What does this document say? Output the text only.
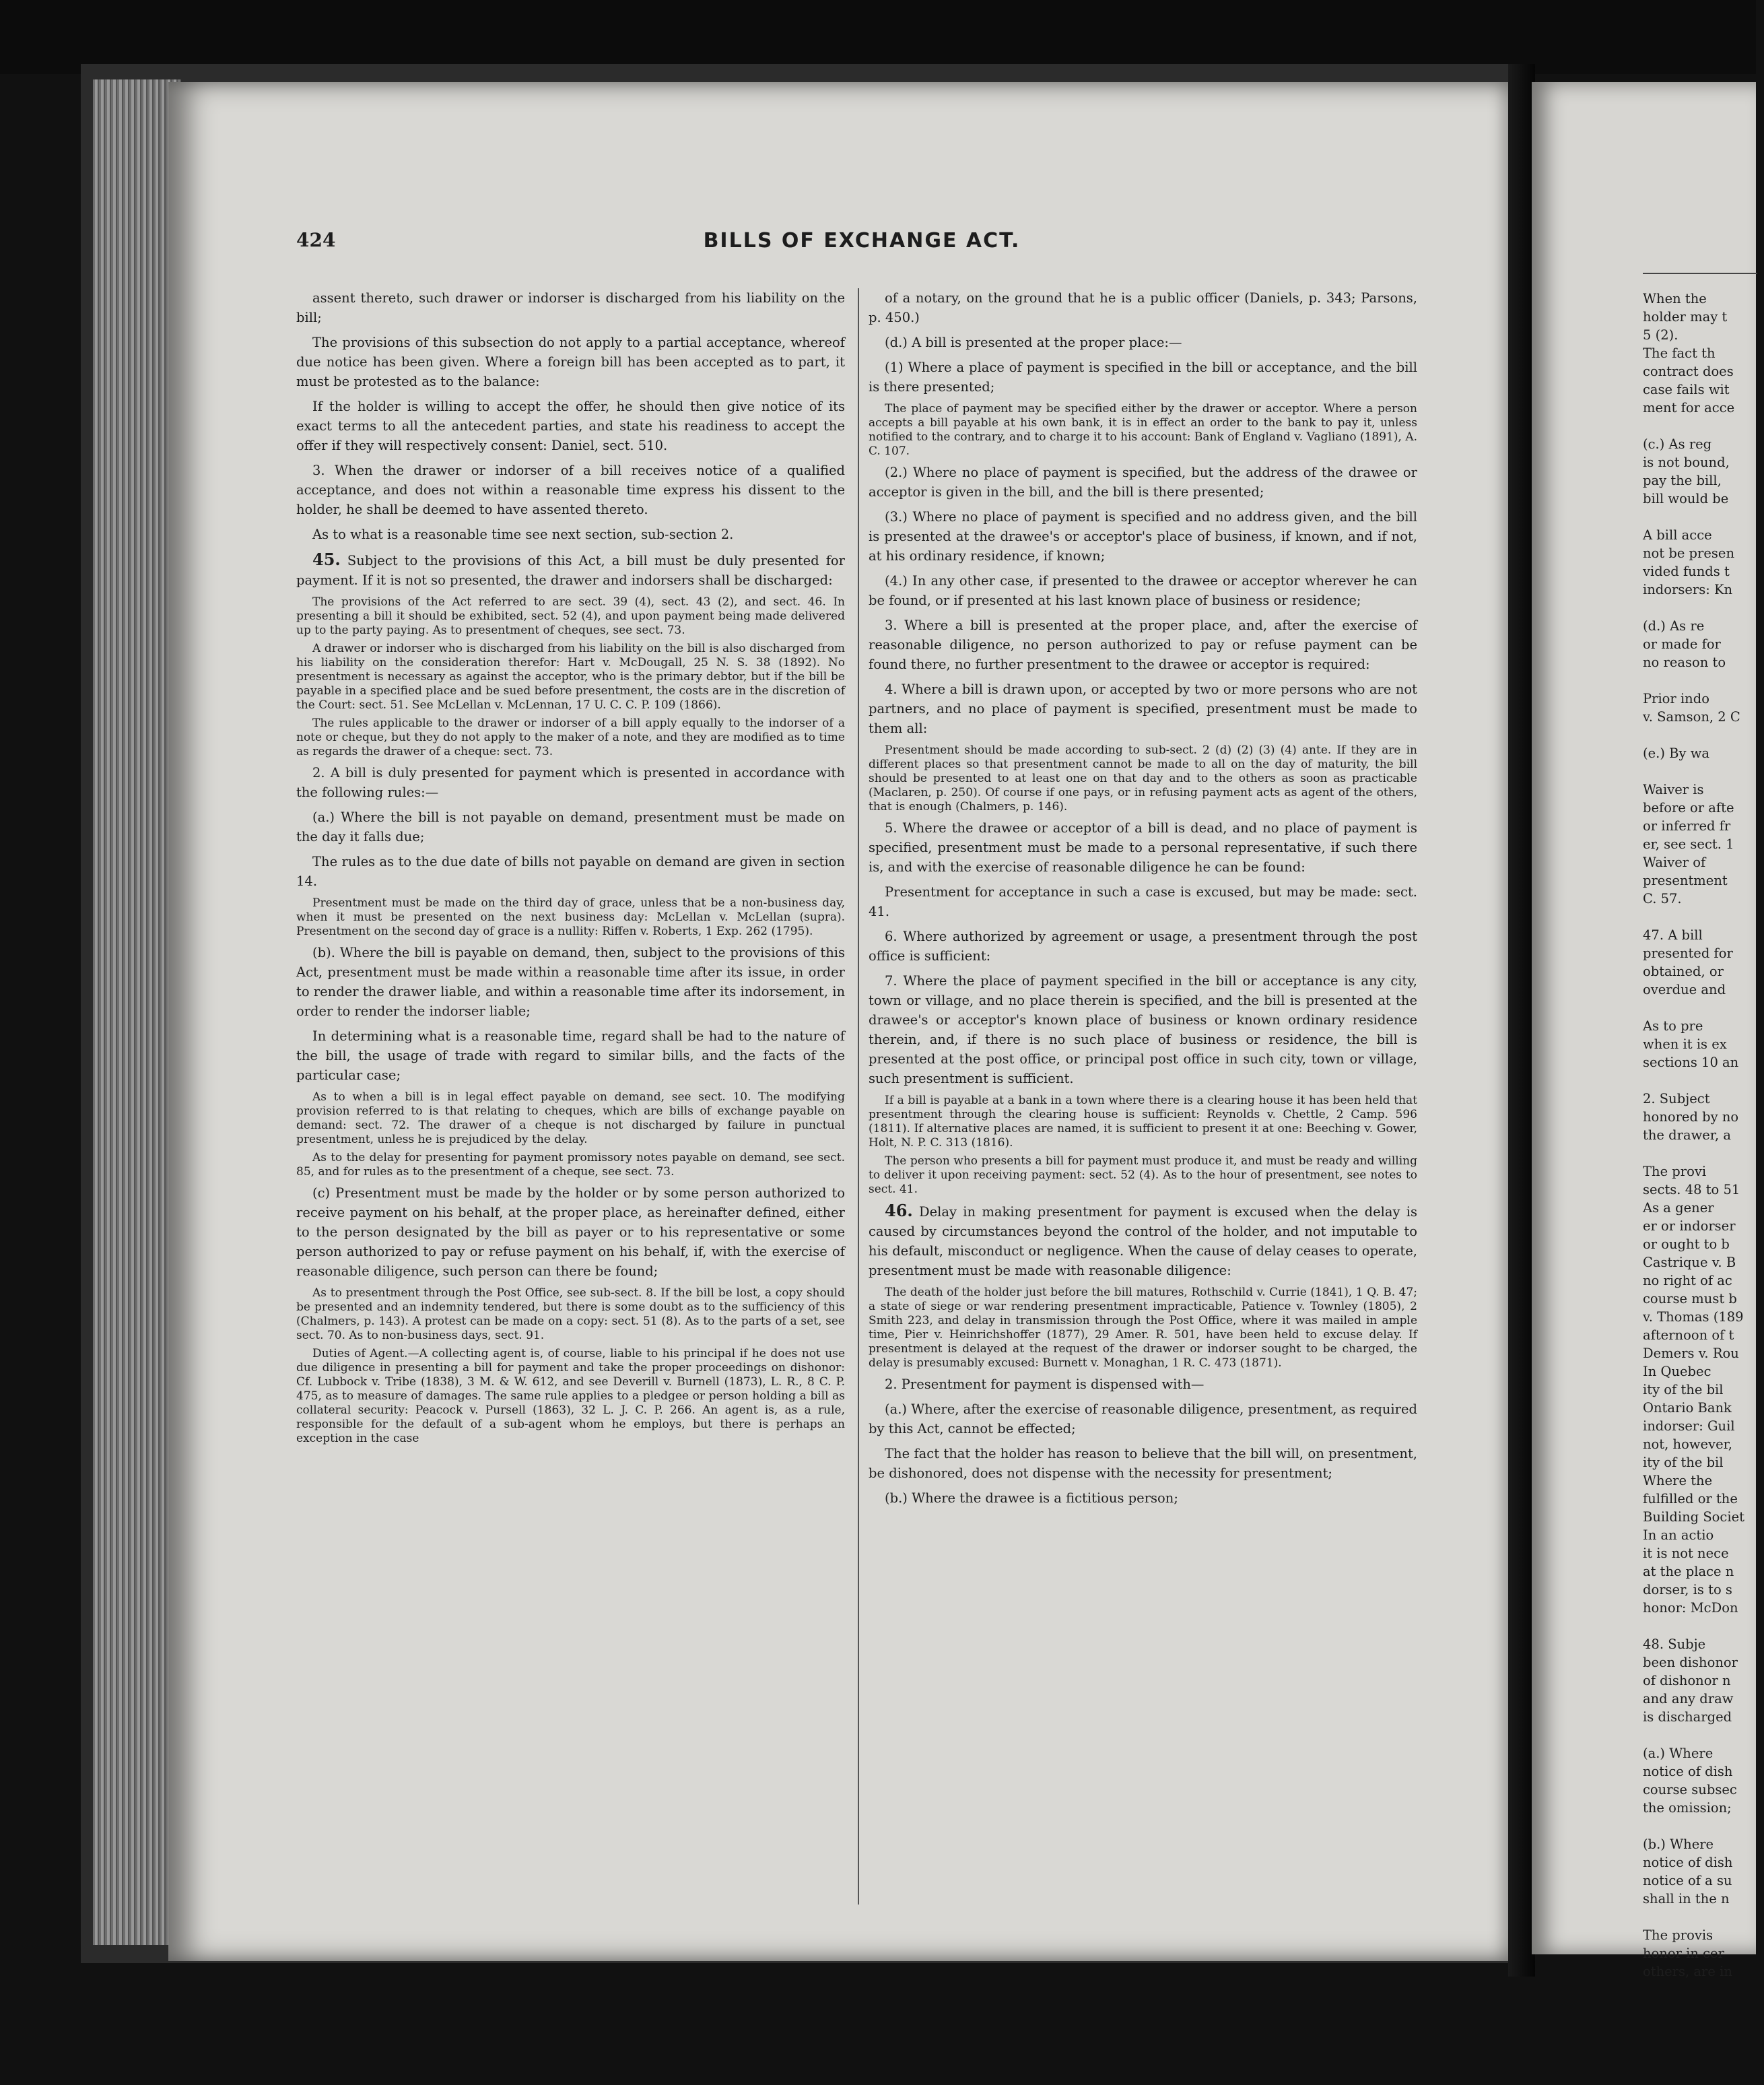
424	BILLS OF EXCHANGE ACT.

assent thereto, such drawer or indorser is discharged from his liability on the bill;

The provisions of this subsection do not apply to a partial acceptance, whereof due notice has been given. Where a foreign bill has been accepted as to part, it must be protested as to the balance:

If the holder is willing to accept the offer, he should then give notice of its exact terms to all the antecedent parties, and state his readiness to accept the offer if they will respectively consent: Daniel, sect. 510.

3. When the drawer or indorser of a bill receives notice of a qualified acceptance, and does not within a reasonable time express his dissent to the holder, he shall be deemed to have assented thereto.

As to what is a reasonable time see next section, sub-section 2.

45. Subject to the provisions of this Act, a bill must be duly presented for payment. If it is not so presented, the drawer and indorsers shall be discharged:

The provisions of the Act referred to are sect. 39 (4), sect. 43 (2), and sect. 46. In presenting a bill it should be exhibited, sect. 52 (4), and upon payment being made delivered up to the party paying. As to presentment of cheques, see sect. 73.

A drawer or indorser who is discharged from his liability on the bill is also discharged from his liability on the consideration therefor: Hart v. McDougall, 25 N. S. 38 (1892). No presentment is necessary as against the acceptor, who is the primary debtor, but if the bill be payable in a specified place and be sued before presentment, the costs are in the discretion of the Court: sect. 51. See McLellan v. McLennan, 17 U. C. C. P. 109 (1866).

The rules applicable to the drawer or indorser of a bill apply equally to the indorser of a note or cheque, but they do not apply to the maker of a note, and they are modified as to time as regards the drawer of a cheque: sect. 73.

2. A bill is duly presented for payment which is presented in accordance with the following rules:—

(a.) Where the bill is not payable on demand, presentment must be made on the day it falls due;

The rules as to the due date of bills not payable on demand are given in section 14.

Presentment must be made on the third day of grace, unless that be a non-business day, when it must be presented on the next business day: McLellan v. McLellan (supra). Presentment on the second day of grace is a nullity: Riffen v. Roberts, 1 Exp. 262 (1795).

(b). Where the bill is payable on demand, then, subject to the provisions of this Act, presentment must be made within a reasonable time after its issue, in order to render the drawer liable, and within a reasonable time after its indorsement, in order to render the indorser liable;

In determining what is a reasonable time, regard shall be had to the nature of the bill, the usage of trade with regard to similar bills, and the facts of the particular case;

As to when a bill is in legal effect payable on demand, see sect. 10. The modifying provision referred to is that relating to cheques, which are bills of exchange payable on demand: sect. 72. The drawer of a cheque is not discharged by failure in punctual presentment, unless he is prejudiced by the delay.

As to the delay for presenting for payment promissory notes payable on demand, see sect. 85, and for rules as to the presentment of a cheque, see sect. 73.

(c) Presentment must be made by the holder or by some person authorized to receive payment on his behalf, at the proper place, as hereinafter defined, either to the person designated by the bill as payer or to his representative or some person authorized to pay or refuse payment on his behalf, if, with the exercise of reasonable diligence, such person can there be found;

As to presentment through the Post Office, see sub-sect. 8. If the bill be lost, a copy should be presented and an indemnity tendered, but there is some doubt as to the sufficiency of this (Chalmers, p. 143). A protest can be made on a copy: sect. 51 (8). As to the parts of a set, see sect. 70. As to non-business days, sect. 91.

Duties of Agent.—A collecting agent is, of course, liable to his principal if he does not use due diligence in presenting a bill for payment and take the proper proceedings on dishonor: Cf. Lubbock v. Tribe (1838), 3 M. & W. 612, and see Deverill v. Burnell (1873), L. R., 8 C. P. 475, as to measure of damages. The same rule applies to a pledgee or person holding a bill as collateral security: Peacock v. Pursell (1863), 32 L. J. C. P. 266. An agent is, as a rule, responsible for the default of a sub-agent whom he employs, but there is perhaps an exception in the case

of a notary, on the ground that he is a public officer (Daniels, p. 343; Parsons, p. 450.)

(d.) A bill is presented at the proper place:—

(1) Where a place of payment is specified in the bill or acceptance, and the bill is there presented;

The place of payment may be specified either by the drawer or acceptor. Where a person accepts a bill payable at his own bank, it is in effect an order to the bank to pay it, unless notified to the contrary, and to charge it to his account: Bank of England v. Vagliano (1891), A. C. 107.

(2.) Where no place of payment is specified, but the address of the drawee or acceptor is given in the bill, and the bill is there presented;

(3.) Where no place of payment is specified and no address given, and the bill is presented at the drawee's or acceptor's place of business, if known, and if not, at his ordinary residence, if known;

(4.) In any other case, if presented to the drawee or acceptor wherever he can be found, or if presented at his last known place of business or residence;

3. Where a bill is presented at the proper place, and, after the exercise of reasonable diligence, no person authorized to pay or refuse payment can be found there, no further presentment to the drawee or acceptor is required:

4. Where a bill is drawn upon, or accepted by two or more persons who are not partners, and no place of payment is specified, presentment must be made to them all:

Presentment should be made according to sub-sect. 2 (d) (2) (3) (4) ante. If they are in different places so that presentment cannot be made to all on the day of maturity, the bill should be presented to at least one on that day and to the others as soon as practicable (Maclaren, p. 250). Of course if one pays, or in refusing payment acts as agent of the others, that is enough (Chalmers, p. 146).

5. Where the drawee or acceptor of a bill is dead, and no place of payment is specified, presentment must be made to a personal representative, if such there is, and with the exercise of reasonable diligence he can be found:

Presentment for acceptance in such a case is excused, but may be made: sect. 41.

6. Where authorized by agreement or usage, a presentment through the post office is sufficient:

7. Where the place of payment specified in the bill or acceptance is any city, town or village, and no place therein is specified, and the bill is presented at the drawee's or acceptor's known place of business or known ordinary residence therein, and, if there is no such place of business or residence, the bill is presented at the post office, or principal post office in such city, town or village, such presentment is sufficient.

If a bill is payable at a bank in a town where there is a clearing house it has been held that presentment through the clearing house is sufficient: Reynolds v. Chettle, 2 Camp. 596 (1811). If alternative places are named, it is sufficient to present it at one: Beeching v. Gower, Holt, N. P. C. 313 (1816).

The person who presents a bill for payment must produce it, and must be ready and willing to deliver it upon receiving payment: sect. 52 (4). As to the hour of presentment, see notes to sect. 41.

46. Delay in making presentment for payment is excused when the delay is caused by circumstances beyond the control of the holder, and not imputable to his default, misconduct or negligence. When the cause of delay ceases to operate, presentment must be made with reasonable diligence:

The death of the holder just before the bill matures, Rothschild v. Currie (1841), 1 Q. B. 47; a state of siege or war rendering presentment impracticable, Patience v. Townley (1805), 2 Smith 223, and delay in transmission through the Post Office, where it was mailed in ample time, Pier v. Heinrichshoffer (1877), 29 Amer. R. 501, have been held to excuse delay. If presentment is delayed at the request of the drawer or indorser sought to be charged, the delay is presumably excused: Burnett v. Monaghan, 1 R. C. 473 (1871).

2. Presentment for payment is dispensed with—

(a.) Where, after the exercise of reasonable diligence, presentment, as required by this Act, cannot be effected;

The fact that the holder has reason to believe that the bill will, on presentment, be dishonored, does not dispense with the necessity for presentment;

(b.) Where the drawee is a fictitious person;

When the
holder may t
5 (2).
The fact th
contract does
case fails wit
ment for acce

(c.) As reg
is not bound,
pay the bill,
bill would be

A bill acce
not be presen
vided funds t
indorsers: Kn

(d.) As re
or made for
no reason to

Prior indo
v. Samson, 2 C

(e.) By wa

Waiver is
before or afte
or inferred fr
er, see sect. 1
Waiver of
presentment
C. 57.

47. A bill
presented for
obtained, or
overdue and

As to pre
when it is ex
sections 10 an

2. Subject
honored by no
the drawer, a

The provi
sects. 48 to 51
As a gener
er or indorser
or ought to b
Castrique v. B
no right of ac
course must b
v. Thomas (189
afternoon of t
Demers v. Rou
In Quebec
ity of the bil
Ontario Bank
indorser: Guil
not, however,
ity of the bil
Where the
fulfilled or the
Building Societ
In an actio
it is not nece
at the place n
dorser, is to s
honor: McDon

48. Subje
been dishonor
of dishonor n
and any draw
is discharged

(a.) Where
notice of dish
course subsec
the omission;

(b.) Where
notice of dish
notice of a su
shall in the n

The provis
honor in cer
others, are in
